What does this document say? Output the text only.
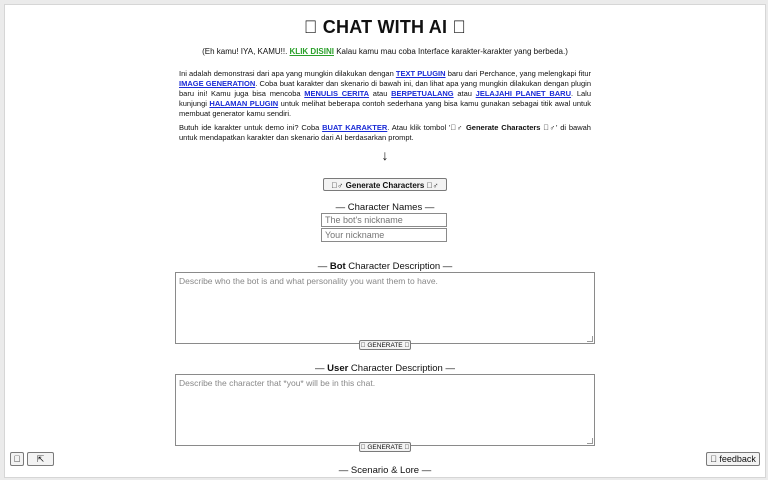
  CHAT WITH AI  
(Eh kamu! IYA, KAMU!!. KLIK DISINI Kalau kamu mau coba Interface karakter-karakter yang berbeda.)
Ini adalah demonstrasi dari apa yang mungkin dilakukan dengan TEXT PLUGIN baru dari Perchance, yang melengkapi fitur IMAGE GENERATION. Coba buat karakter dan skenario di bawah ini, dan lihat apa yang mungkin dilakukan dengan plugin baru ini! Kamu juga bisa mencoba MENULIS CERITA atau BERPETUALANG atau JELAJAHI PLANET BARU. Lalu kunjungi HALAMAN PLUGIN untuk melihat beberapa contoh sederhana yang bisa kamu gunakan sebagai titik awal untuk membuat generator kamu sendiri.
Butuh ide karakter untuk demo ini? Coba BUAT KARAKTER. Atau klik tombol ' ♂ Generate Characters  ♂' di bawah untuk mendapatkan karakter dan skenario dari AI berdasarkan prompt.
↓
 ♂ Generate Characters  ♂
— Character Names —
The bot's nickname
Your nickname
— Bot Character Description —
Describe who the bot is and what personality you want them to have.
  GENERATE  
— User Character Description —
Describe the character that *you* will be in this chat.
  GENERATE  
— Scenario & Lore —
 	⇱	  feedback
